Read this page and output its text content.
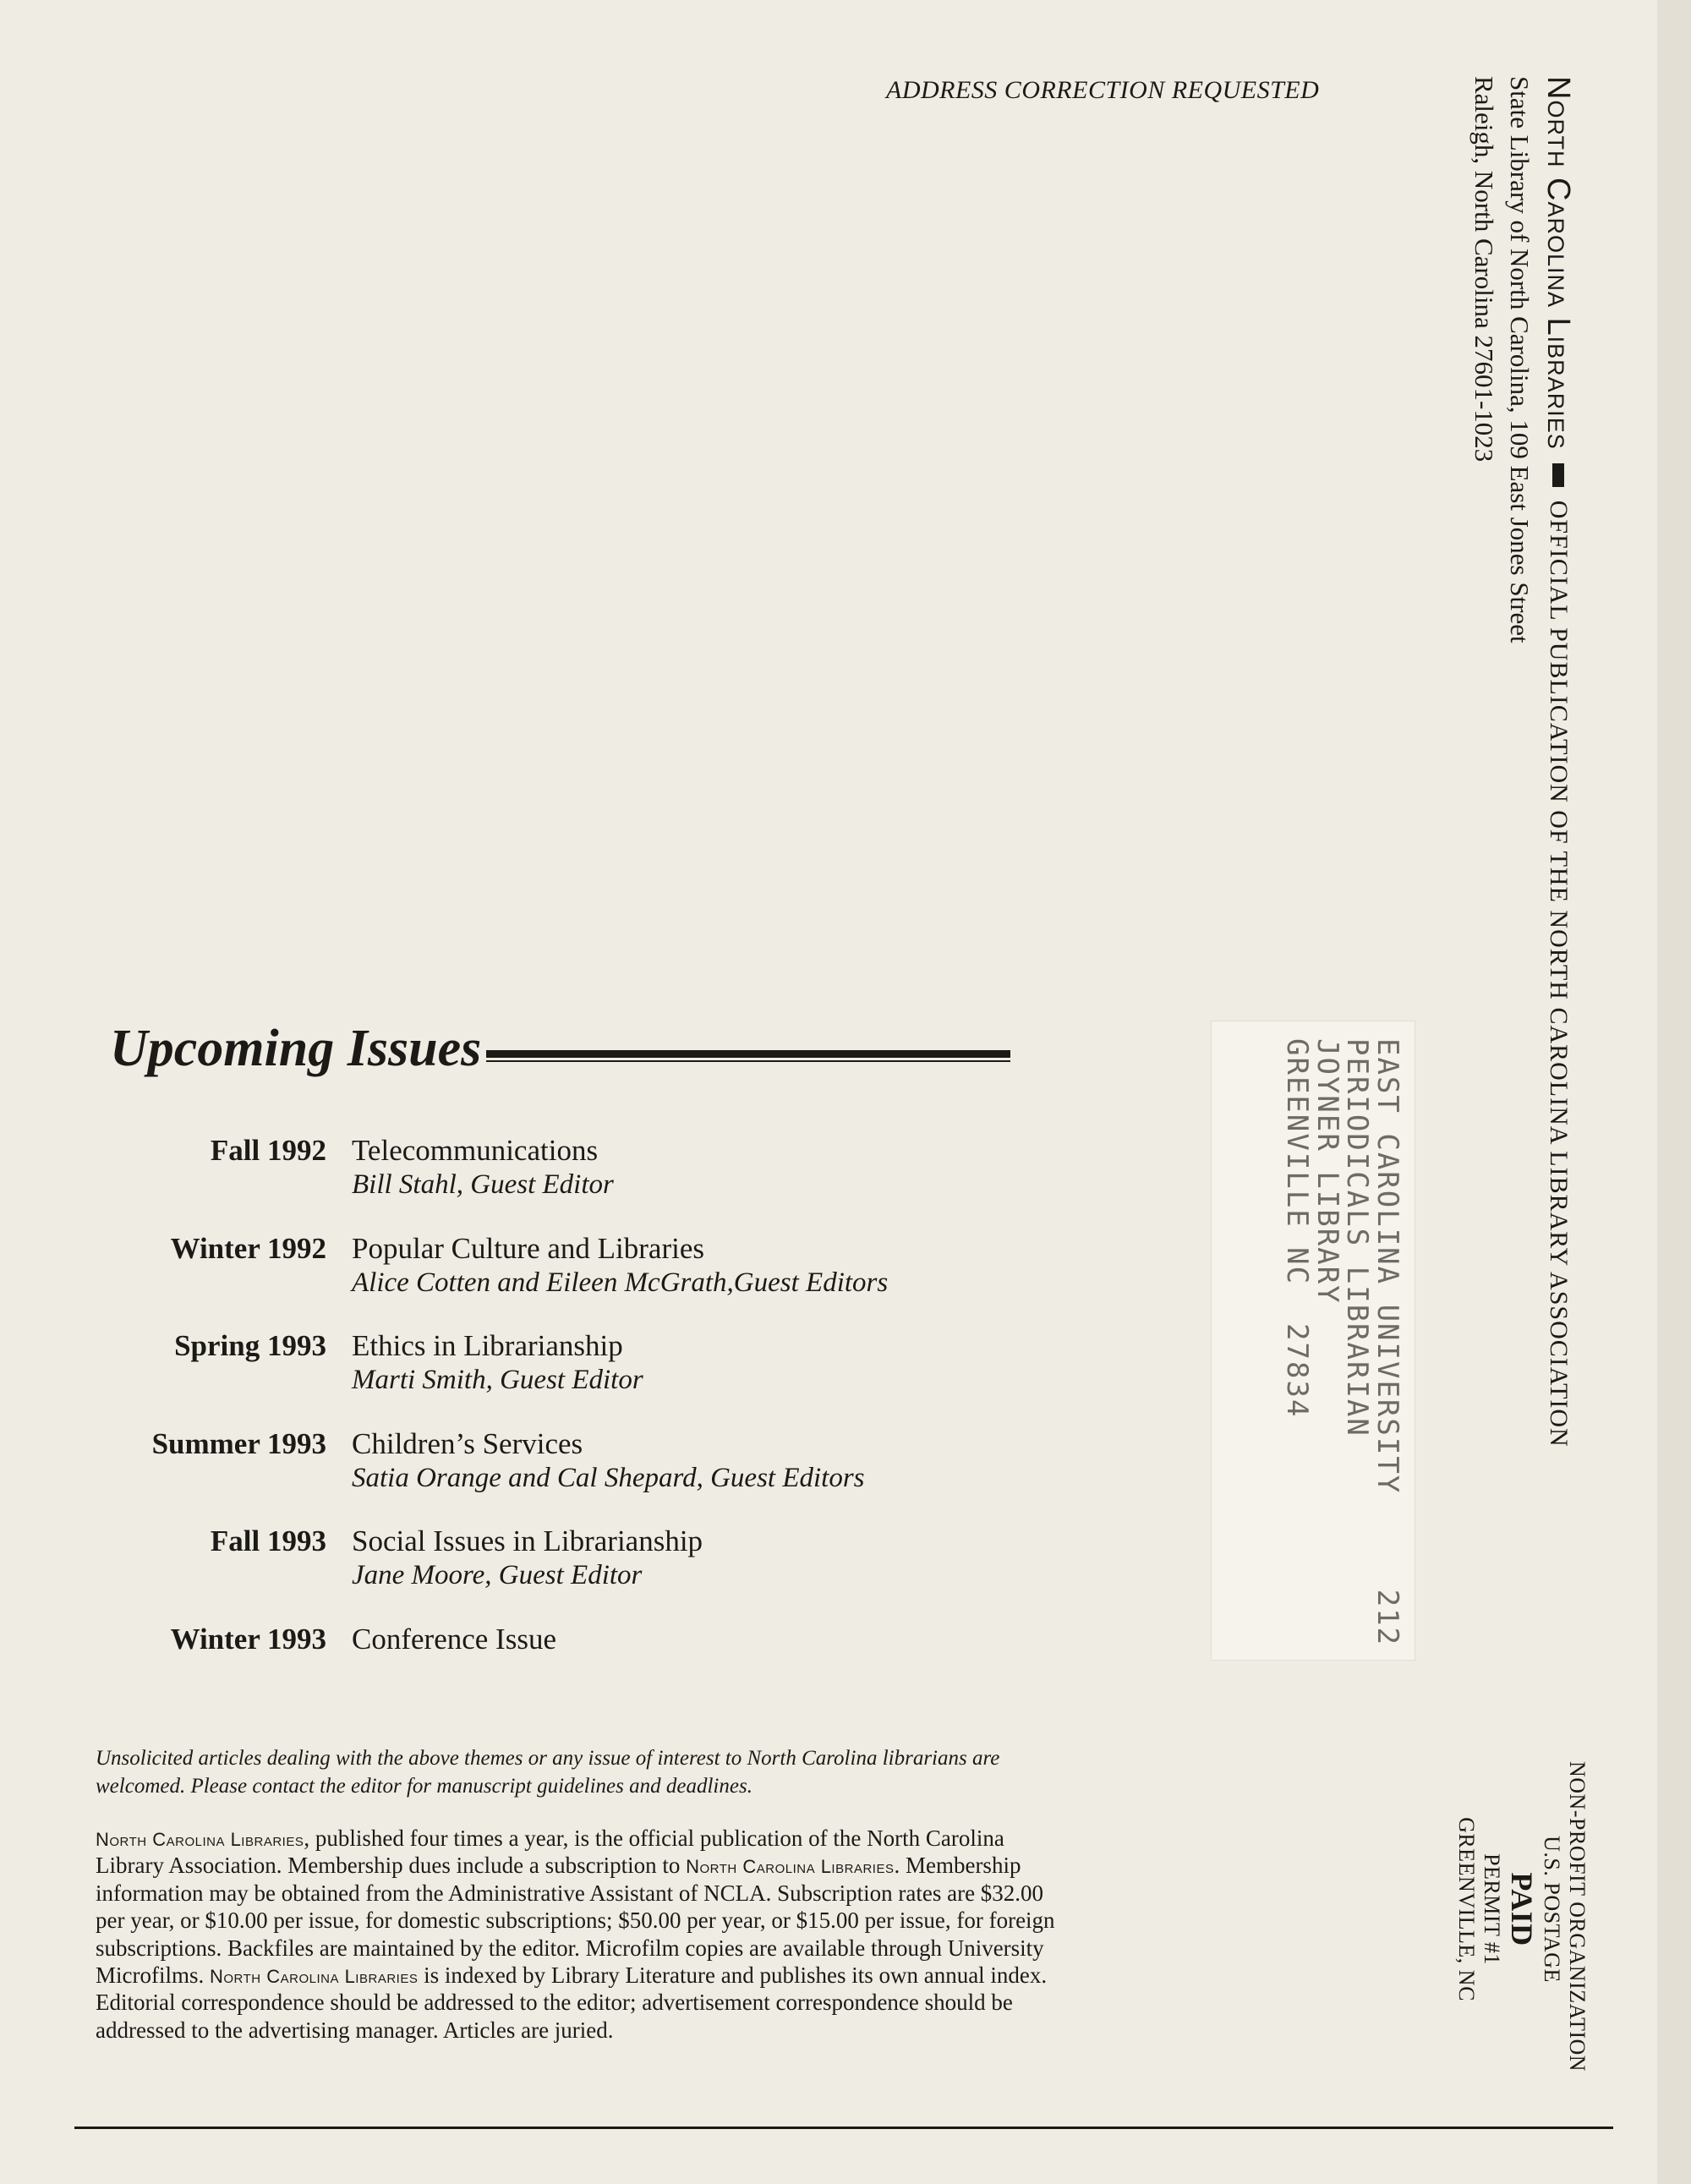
ADDRESS CORRECTION REQUESTED	North Carolina Libraries
OFFICIAL PUBLICATION OF THE NORTH CAROLINA LIBRARY ASSOCIATION
State Library of North Carolina, 109 East Jones Street
Raleigh, North Carolina 27601-1023
NON-PROFIT ORGANIZATION
U.S. POSTAGE
PAID
PERMIT #1
GREENVILLE, NC
EAST CAROLINA UNIVERSITY     212
PERIODICALS LIBRARIAN
JOYNER LIBRARY
GREENVILLE NC  27834
Upcoming Issues
Fall 1992 Telecommunications
Bill Stahl, Guest Editor
Winter 1992 Popular Culture and Libraries
Alice Cotten and Eileen McGrath,Guest Editors
Spring 1993 Ethics in Librarianship
Marti Smith, Guest Editor
Summer 1993 Children’s Services
Satia Orange and Cal Shepard, Guest Editors
Fall 1993 Social Issues in Librarianship
Jane Moore, Guest Editor
Winter 1993 Conference Issue
Unsolicited articles dealing with the above themes or any issue of interest to North Carolina librarians are welcomed. Please contact the editor for manuscript guidelines and deadlines.
North Carolina Libraries, published four times a year, is the official publication of the North Carolina Library Association. Membership dues include a subscription to North Carolina Libraries. Membership information may be obtained from the Administrative Assistant of NCLA. Subscription rates are $32.00 per year, or $10.00 per issue, for domestic subscriptions; $50.00 per year, or $15.00 per issue, for foreign subscriptions. Backfiles are maintained by the editor. Microfilm copies are available through University Microfilms. North Carolina Libraries is indexed by Library Literature and publishes its own annual index. Editorial correspondence should be addressed to the editor; advertisement correspondence should be addressed to the advertising manager. Articles are juried.
